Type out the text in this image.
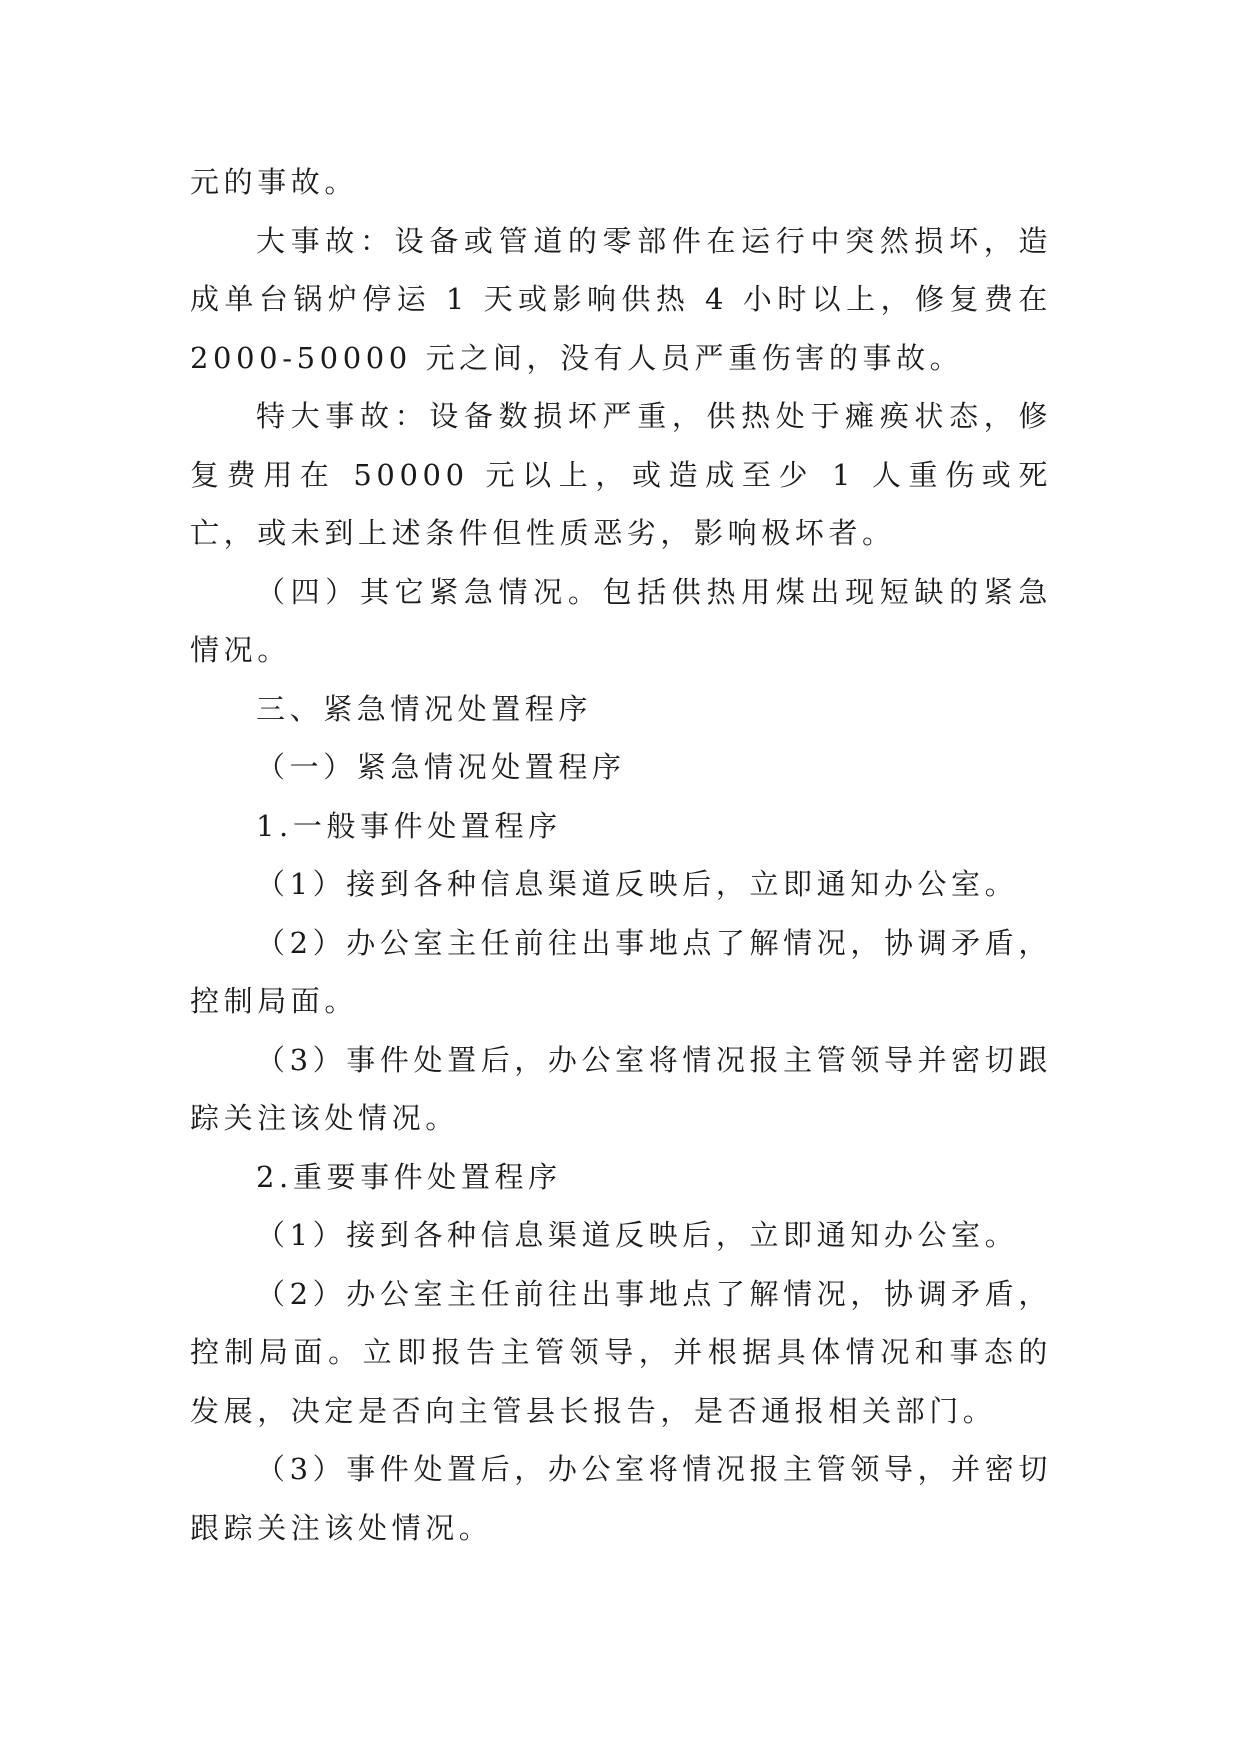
元的事故。

大事故：设备或管道的零部件在运行中突然损坏，造成单台锅炉停运 1 天或影响供热 4 小时以上，修复费在 2000-50000 元之间，没有人员严重伤害的事故。

特大事故：设备数损坏严重，供热处于瘫痪状态，修复费用在 50000 元以上，或造成至少 1 人重伤或死亡，或未到上述条件但性质恶劣，影响极坏者。

（四）其它紧急情况。包括供热用煤出现短缺的紧急情况。

三、紧急情况处置程序

（一）紧急情况处置程序

1.一般事件处置程序

（1）接到各种信息渠道反映后，立即通知办公室。

（2）办公室主任前往出事地点了解情况，协调矛盾，控制局面。

（3）事件处置后，办公室将情况报主管领导并密切跟踪关注该处情况。

2.重要事件处置程序

（1）接到各种信息渠道反映后，立即通知办公室。

（2）办公室主任前往出事地点了解情况，协调矛盾，控制局面。立即报告主管领导，并根据具体情况和事态的发展，决定是否向主管县长报告，是否通报相关部门。

（3）事件处置后，办公室将情况报主管领导，并密切跟踪关注该处情况。
